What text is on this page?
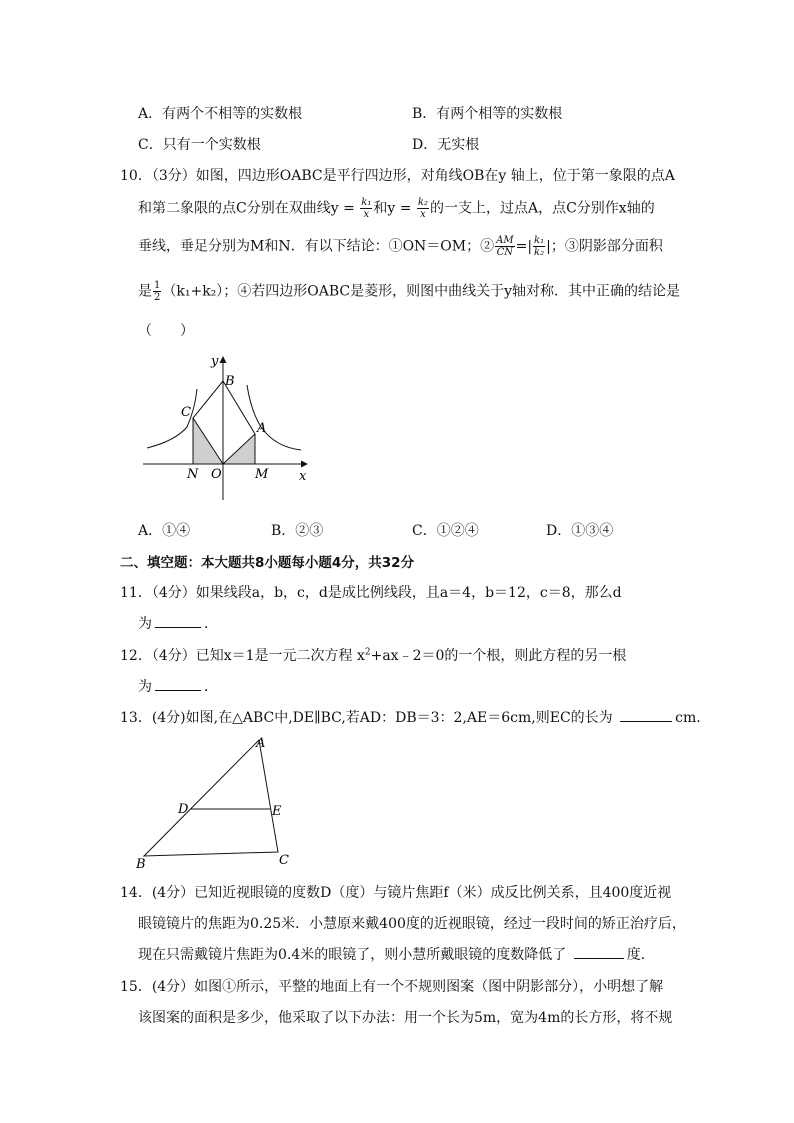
A．有两个不相等的实数根	B．有两个相等的实数根
C．只有一个实数根	D．无实根
10．（3分）如图，四边形OABC是平行四边形，对角线OB在y 轴上，位于第一象限的点A
和第二象限的点C分别在双曲线$y = \frac{\text{k₁}}{x}$ 和$y = \frac{\text{k₂}}{x}$ 的一支上，过点A，点C分别作x轴的
垂线，垂足分别为M和N．有以下结论：①ON＝OM；② $\frac{AM}{CN}$ =| $\frac{\text{k₁}}{\text{k₂}}$ |；③阴影部分面积
是 $\frac{1}{2} (k_1+k_2)$；④若四边形OABC是菱形，则图中曲线关于y轴对称．其中正确的结论是
（　　）
y
B
C
A
N O	M x
A．①④	B．②③	C．①②④	D．①③④
二、填空题：本大题共8小题每小题4分，共32分
11．（4分）如果线段a，b，c，d是成比例线段，且a＝4，b＝12，c＝8，那么d
为	．
12．（4分）已知x＝1是一元二次方程 $x^2+ax﹣2=0$的一个根，则此方程的另一根
为	．
13．(4分)如图,在△ABC中,DE∥BC,若AD：DB＝3：2,AE＝6cm,则EC的长为	cm．
A
D	E
B	C
14．(4分）已知近视眼镜的度数D（度）与镜片焦距f（米）成反比例关系，且400度近视
眼镜镜片的焦距为0.25米．小慧原来戴400度的近视眼镜，经过一段时间的矫正治疗后，
现在只需戴镜片焦距为0.4米的眼镜了，则小慧所戴眼镜的度数降低了	度．
15．(4分）如图①所示，平整的地面上有一个不规则图案（图中阴影部分），小明想了解
该图案的面积是多少，他采取了以下办法：用一个长为5m，宽为4m的长方形，将不规
